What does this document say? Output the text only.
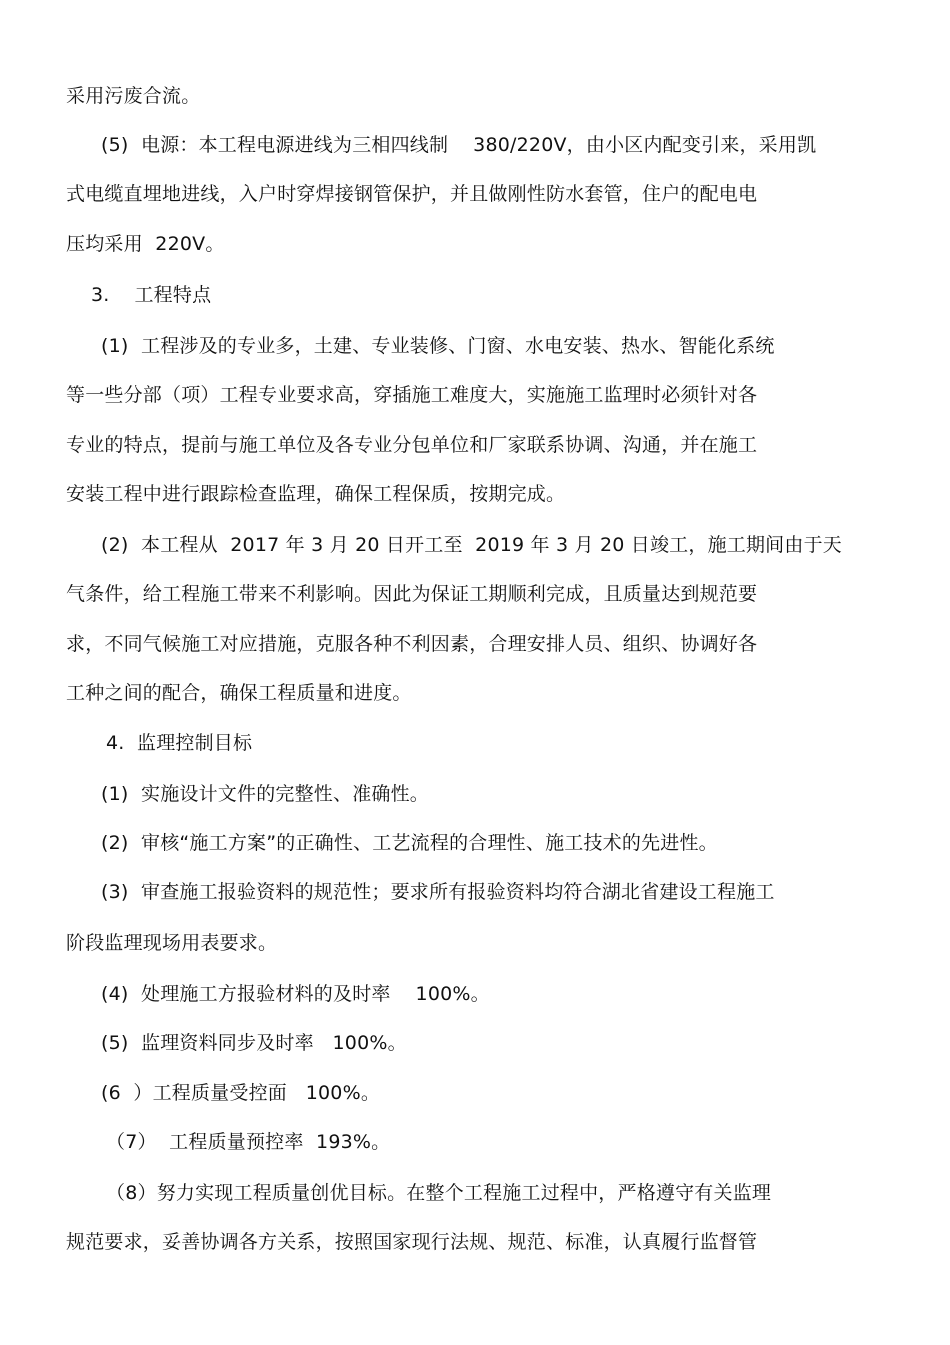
采用污废合流。
(5)  电源：本工程电源进线为三相四线制    380/220V，由小区内配变引来，采用凯
式电缆直埋地进线，入户时穿焊接钢管保护，并且做刚性防水套管，住户的配电电
压均采用  220V。
3.    工程特点
(1)  工程涉及的专业多，土建、专业装修、门窗、水电安装、热水、智能化系统
等一些分部（项）工程专业要求高，穿插施工难度大，实施施工监理时必须针对各
专业的特点，提前与施工单位及各专业分包单位和厂家联系协调、沟通，并在施工
安装工程中进行跟踪检查监理，确保工程保质，按期完成。
(2)  本工程从  2017 年 3 月 20 日开工至  2019 年 3 月 20 日竣工，施工期间由于天
气条件，给工程施工带来不利影响。因此为保证工期顺利完成，且质量达到规范要
求，不同气候施工对应措施，克服各种不利因素，合理安排人员、组织、协调好各
工种之间的配合，确保工程质量和进度。
4.  监理控制目标
(1)  实施设计文件的完整性、准确性。
(2)  审核“施工方案”的正确性、工艺流程的合理性、施工技术的先进性。
(3)  审查施工报验资料的规范性；要求所有报验资料均符合湖北省建设工程施工
阶段监理现场用表要求。
(4)  处理施工方报验材料的及时率    100%。
(5)  监理资料同步及时率   100%。
(6  ）工程质量受控面   100%。
（7）  工程质量预控率  193%。
（8）努力实现工程质量创优目标。在整个工程施工过程中，严格遵守有关监理
规范要求，妥善协调各方关系，按照国家现行法规、规范、标准，认真履行监督管
